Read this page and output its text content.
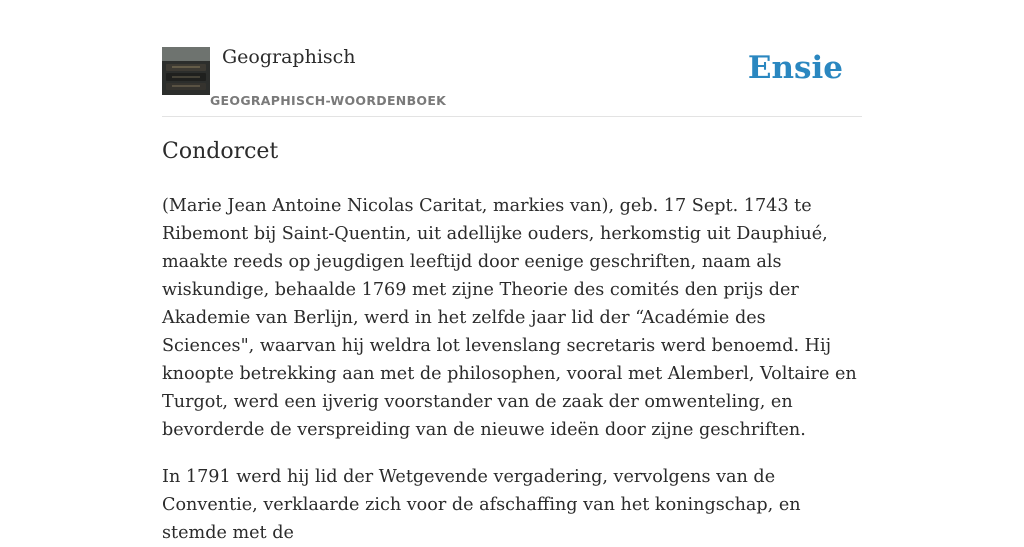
Geographisch
GEOGRAPHISCH-WOORDENBOEK
Ensie
Condorcet

(Marie Jean Antoine Nicolas Caritat, markies van), geb. 17 Sept. 1743 te Ribemont bij Saint-Quentin, uit adellijke ouders, herkomstig uit Dauphiué, maakte reeds op jeugdigen leeftijd door eenige geschriften, naam als wiskundige, behaalde 1769 met zijne Theorie des comités den prijs der Akademie van Berlijn, werd in het zelfde jaar lid der “Académie des Sciences", waarvan hij weldra lot levenslang secretaris werd benoemd. Hij knoopte betrekking aan met de philosophen, vooral met Alemberl, Voltaire en Turgot, werd een ijverig voorstander van de zaak der omwenteling, en bevorderde de verspreiding van de nieuwe ideën door zijne geschriften.

In 1791 werd hij lid der Wetgevende vergadering, vervolgens van de Conventie, verklaarde zich voor de afschaffing van het koningschap, en stemde met de
